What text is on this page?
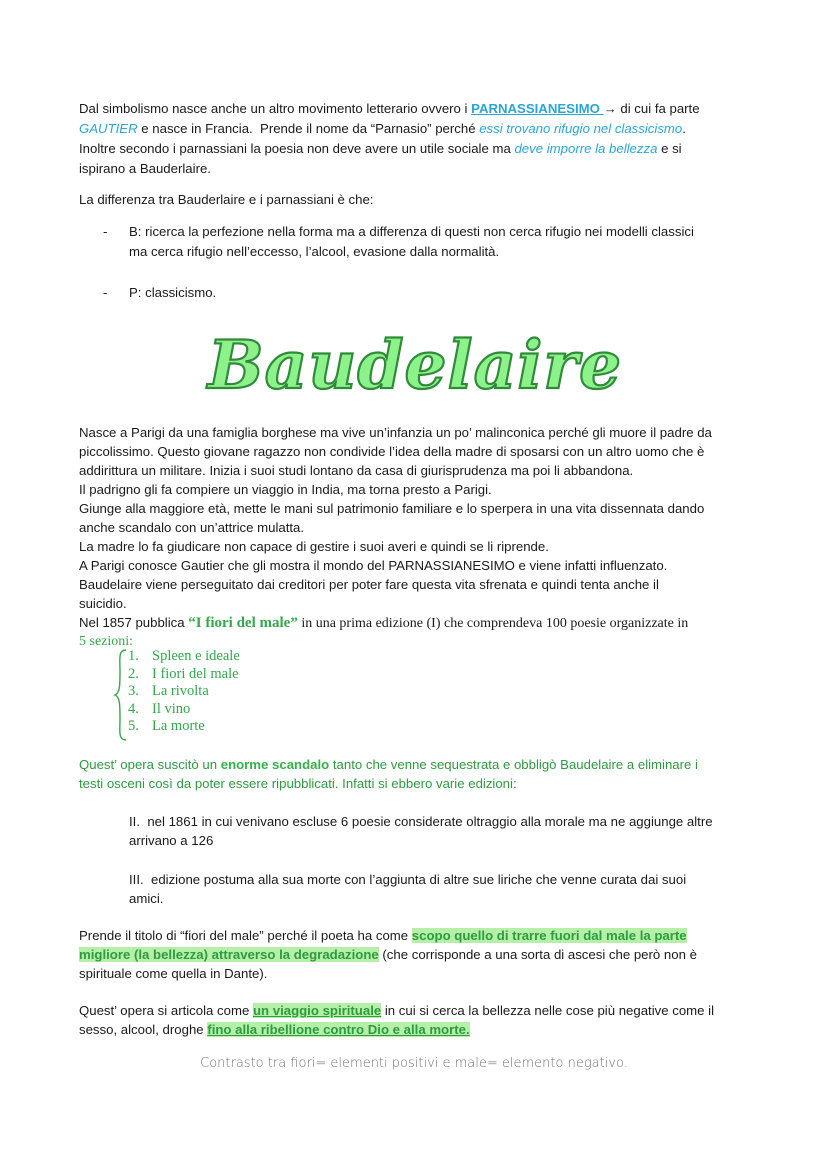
Dal simbolismo nasce anche un altro movimento letterario ovvero i PARNASSIANESIMO → di cui fa parte

GAUTIER e nasce in Francia.  Prende il nome da “Parnasio” perché essi trovano rifugio nel classicismo.

Inoltre secondo i parnassiani la poesia non deve avere un utile sociale ma deve imporre la bellezza e si

ispirano a Bauderlaire.

La differenza tra Bauderlaire e i parnassiani è che:

- B: ricerca la perfezione nella forma ma a differenza di questi non cerca rifugio nei modelli classici
ma cerca rifugio nell’eccesso, l’alcool, evasione dalla normalità.
- P: classicismo.
Baudelaire

Nasce a Parigi da una famiglia borghese ma vive un’infanzia un po’ malinconica perché gli muore il padre da

piccolissimo. Questo giovane ragazzo non condivide l’idea della madre di sposarsi con un altro uomo che è

addirittura un militare. Inizia i suoi studi lontano da casa di giurisprudenza ma poi li abbandona.

Il padrigno gli fa compiere un viaggio in India, ma torna presto a Parigi.

Giunge alla maggiore età, mette le mani sul patrimonio familiare e lo sperpera in una vita dissennata dando

anche scandalo con un’attrice mulatta.

La madre lo fa giudicare non capace di gestire i suoi averi e quindi se li riprende.

A Parigi conosce Gautier che gli mostra il mondo del PARNASSIANESIMO e viene infatti influenzato.

Baudelaire viene perseguitato dai creditori per poter fare questa vita sfrenata e quindi tenta anche il

suicidio.

Nel 1857 pubblica “I fiori del male” in una prima edizione (I) che comprendeva 100 poesie organizzate in

5 sezioni:

1. Spleen e ideale
2. I fiori del male
3. La rivolta
4. Il vino
5. La morte

Quest’ opera suscitò un enorme scandalo tanto che venne sequestrata e obbligò Baudelaire a eliminare i

testi osceni così da poter essere ripubblicati. Infatti si ebbero varie edizioni:

II.  nel 1861 in cui venivano escluse 6 poesie considerate oltraggio alla morale ma ne aggiunge altre
arrivano a 126
III.  edizione postuma alla sua morte con l’aggiunta di altre sue liriche che venne curata dai suoi
amici.

Prende il titolo di “fiori del male” perché il poeta ha come scopo quello di trarre fuori dal male la parte

migliore (la bellezza) attraverso la degradazione (che corrisponde a una sorta di ascesi che però non è

spirituale come quella in Dante).

Quest’ opera si articola come un viaggio spirituale in cui si cerca la bellezza nelle cose più negative come il

sesso, alcool, droghe fino alla ribellione contro Dio e alla morte.

Contrasto tra fiori= elementi positivi e male= elemento negativo.
